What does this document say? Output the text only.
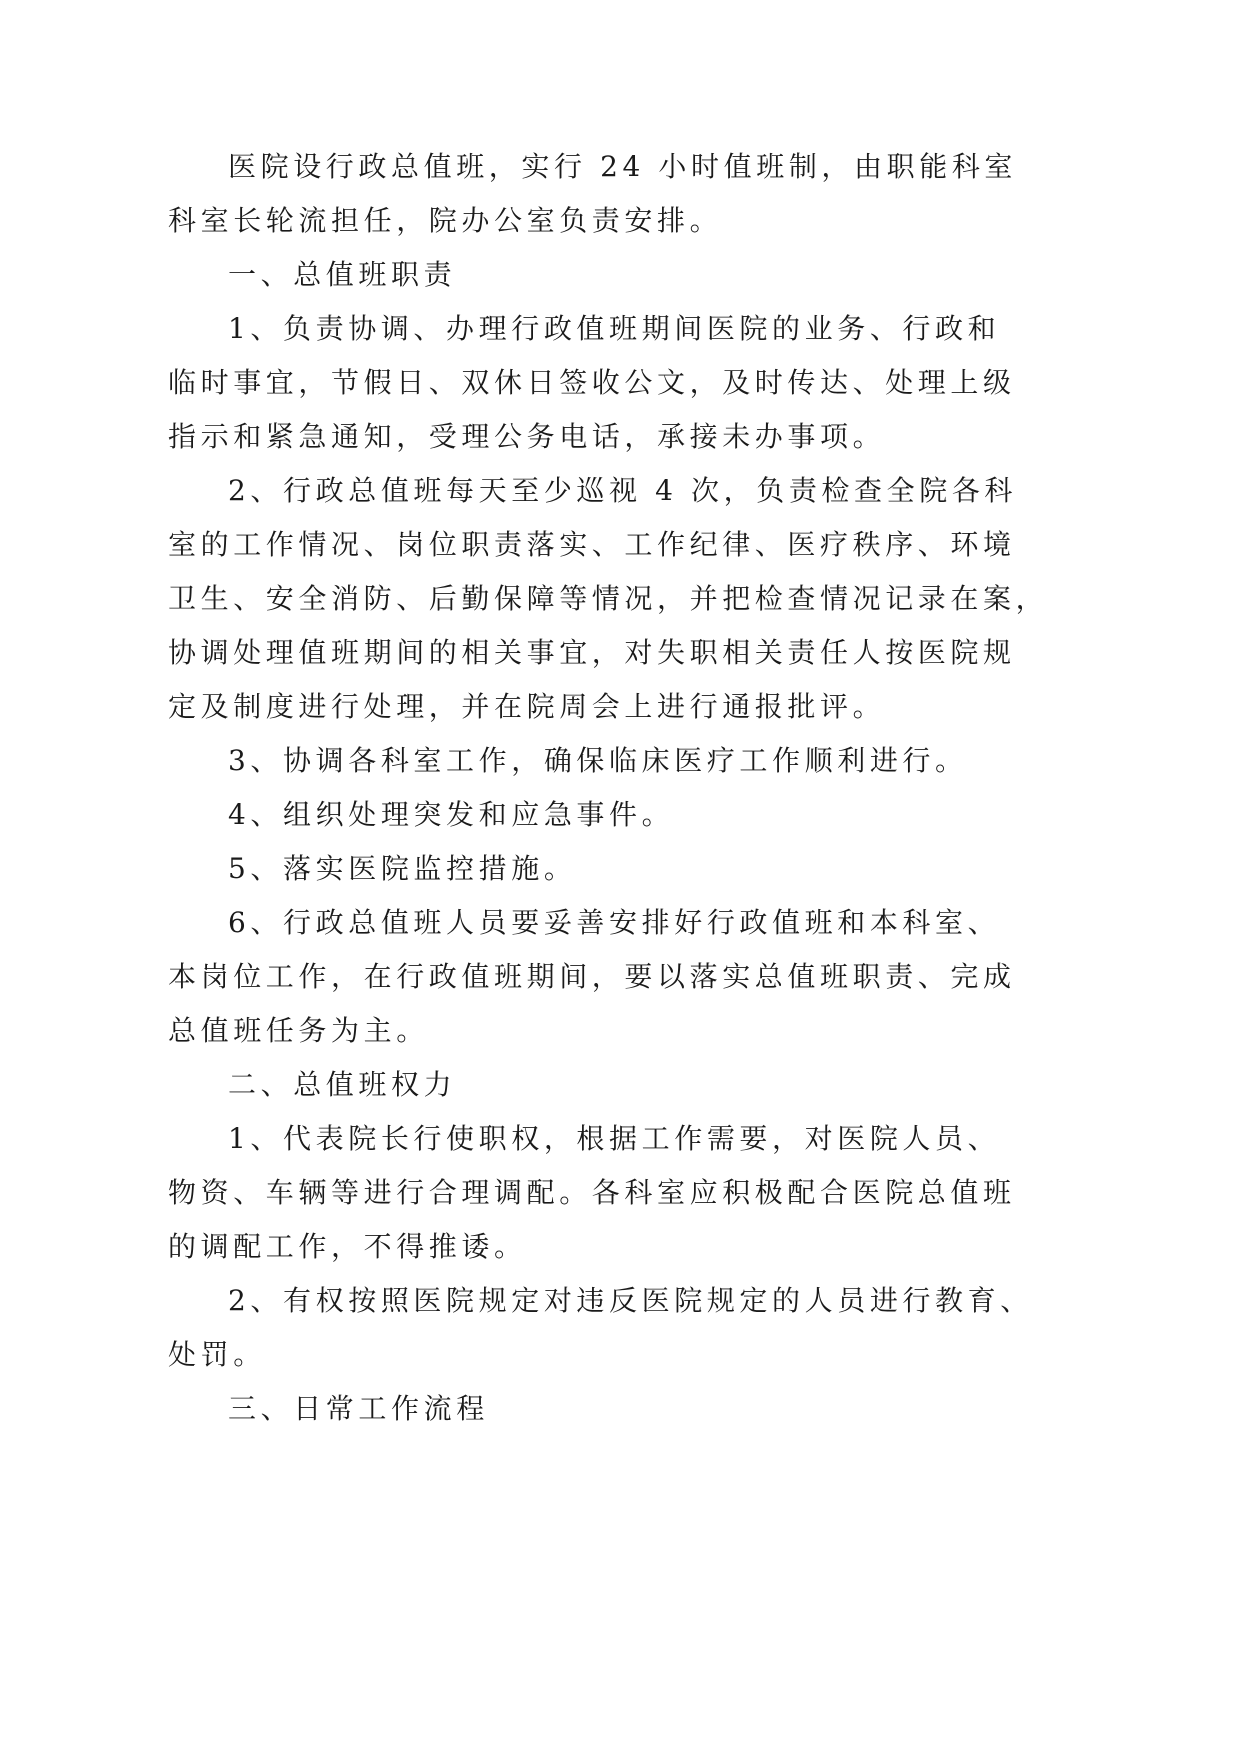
医院设行政总值班，实行 24 小时值班制，由职能科室
科室长轮流担任，院办公室负责安排。

一、总值班职责

1、负责协调、办理行政值班期间医院的业务、行政和
临时事宜，节假日、双休日签收公文，及时传达、处理上级
指示和紧急通知，受理公务电话，承接未办事项。

2、行政总值班每天至少巡视 4 次，负责检查全院各科
室的工作情况、岗位职责落实、工作纪律、医疗秩序、环境
卫生、安全消防、后勤保障等情况，并把检查情况记录在案，
协调处理值班期间的相关事宜，对失职相关责任人按医院规
定及制度进行处理，并在院周会上进行通报批评。

3、协调各科室工作，确保临床医疗工作顺利进行。

4、组织处理突发和应急事件。

5、落实医院监控措施。

6、行政总值班人员要妥善安排好行政值班和本科室、
本岗位工作，在行政值班期间，要以落实总值班职责、完成
总值班任务为主。

二、总值班权力

1、代表院长行使职权，根据工作需要，对医院人员、
物资、车辆等进行合理调配。各科室应积极配合医院总值班
的调配工作，不得推诿。

2、有权按照医院规定对违反医院规定的人员进行教育、
处罚。

三、日常工作流程
